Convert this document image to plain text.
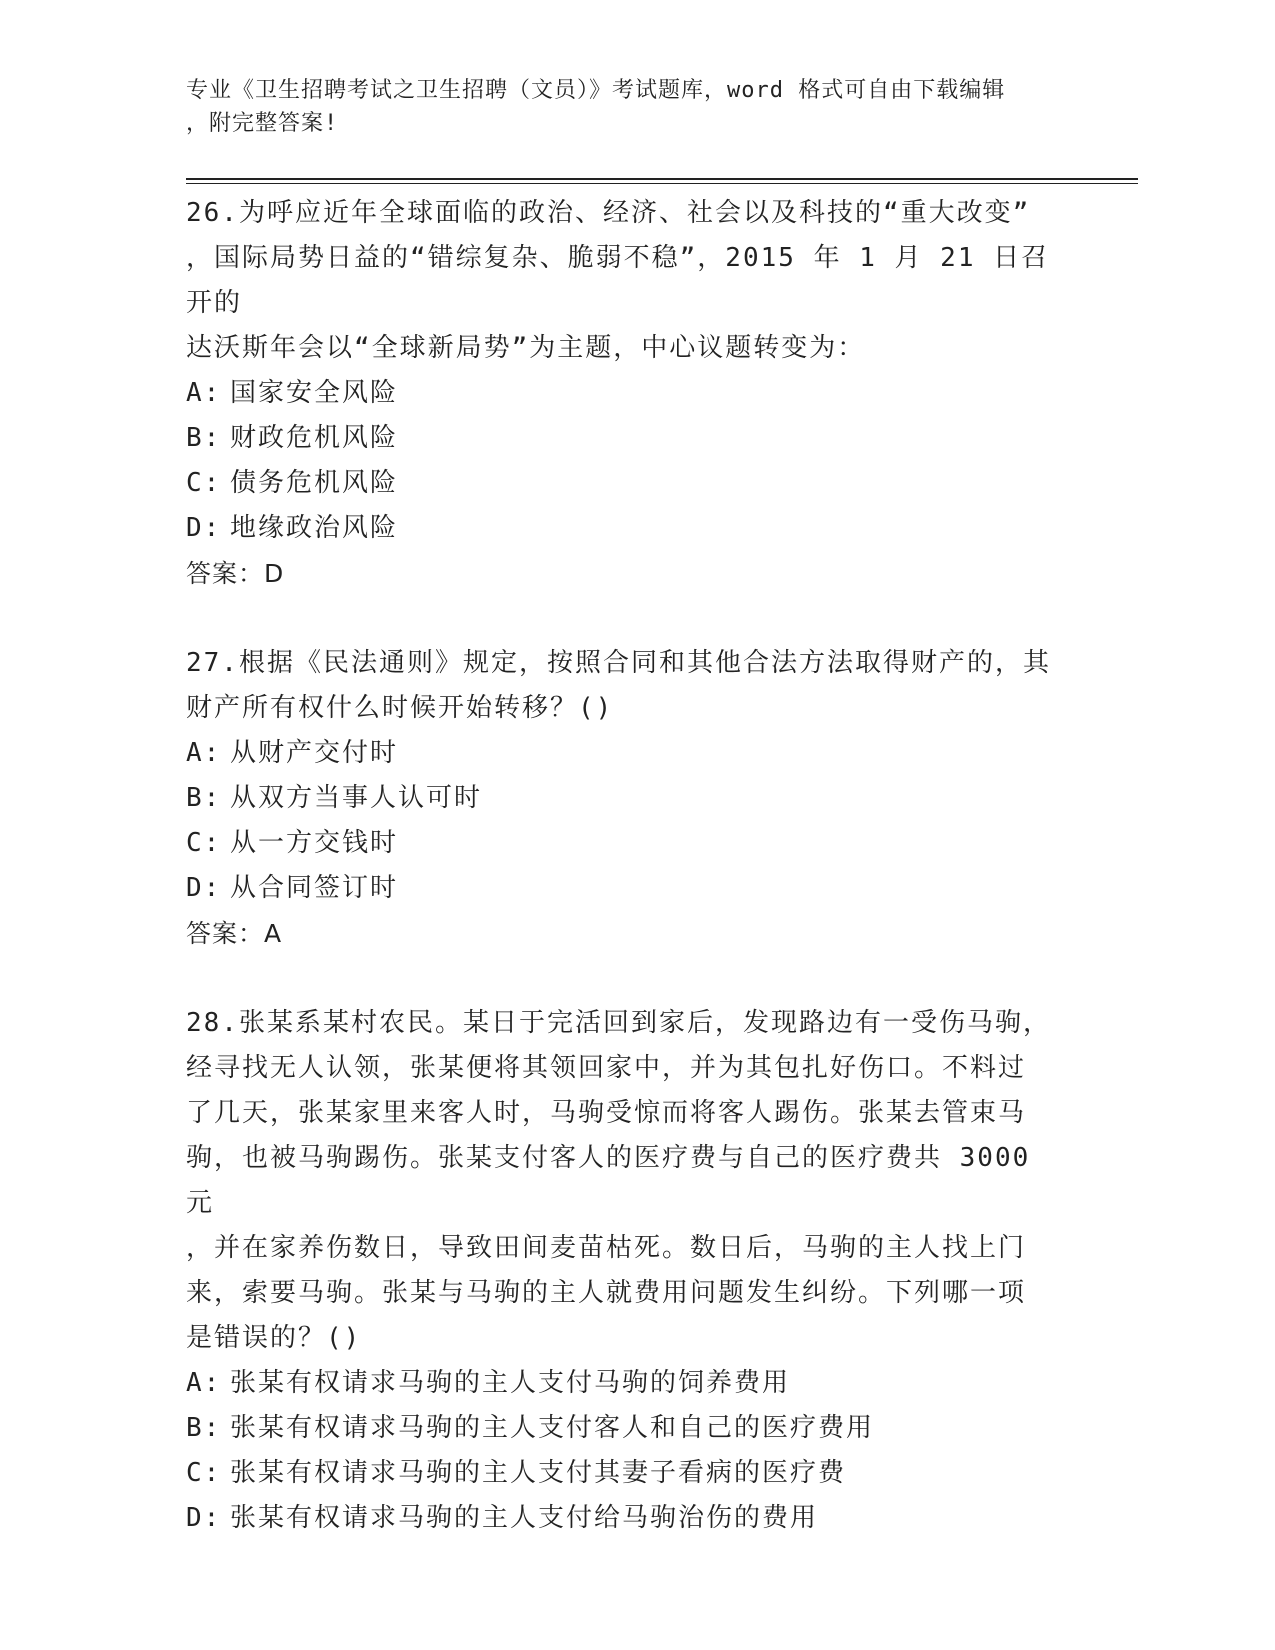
专业《卫生招聘考试之卫生招聘（文员）》考试题库，word 格式可自由下载编辑
，附完整答案!

26.为呼应近年全球面临的政治、经济、社会以及科技的“重大改变”

，国际局势日益的“错综复杂、脆弱不稳”，2015 年 1 月 21 日召开的

达沃斯年会以“全球新局势”为主题，中心议题转变为：

A: 国家安全风险

B: 财政危机风险

C: 债务危机风险

D: 地缘政治风险

答案：D

27.根据《民法通则》规定，按照合同和其他合法方法取得财产的，其

财产所有权什么时候开始转移？()

A: 从财产交付时

B: 从双方当事人认可时

C: 从一方交钱时

D: 从合同签订时

答案：A

28.张某系某村农民。某日于完活回到家后，发现路边有一受伤马驹，

经寻找无人认领，张某便将其领回家中，并为其包扎好伤口。不料过

了几天，张某家里来客人时，马驹受惊而将客人踢伤。张某去管束马

驹，也被马驹踢伤。张某支付客人的医疗费与自己的医疗费共 3000 元

，并在家养伤数日，导致田间麦苗枯死。数日后，马驹的主人找上门

来，索要马驹。张某与马驹的主人就费用问题发生纠纷。下列哪一项

是错误的？()

A: 张某有权请求马驹的主人支付马驹的饲养费用

B: 张某有权请求马驹的主人支付客人和自己的医疗费用

C: 张某有权请求马驹的主人支付其妻子看病的医疗费

D: 张某有权请求马驹的主人支付给马驹治伤的费用
